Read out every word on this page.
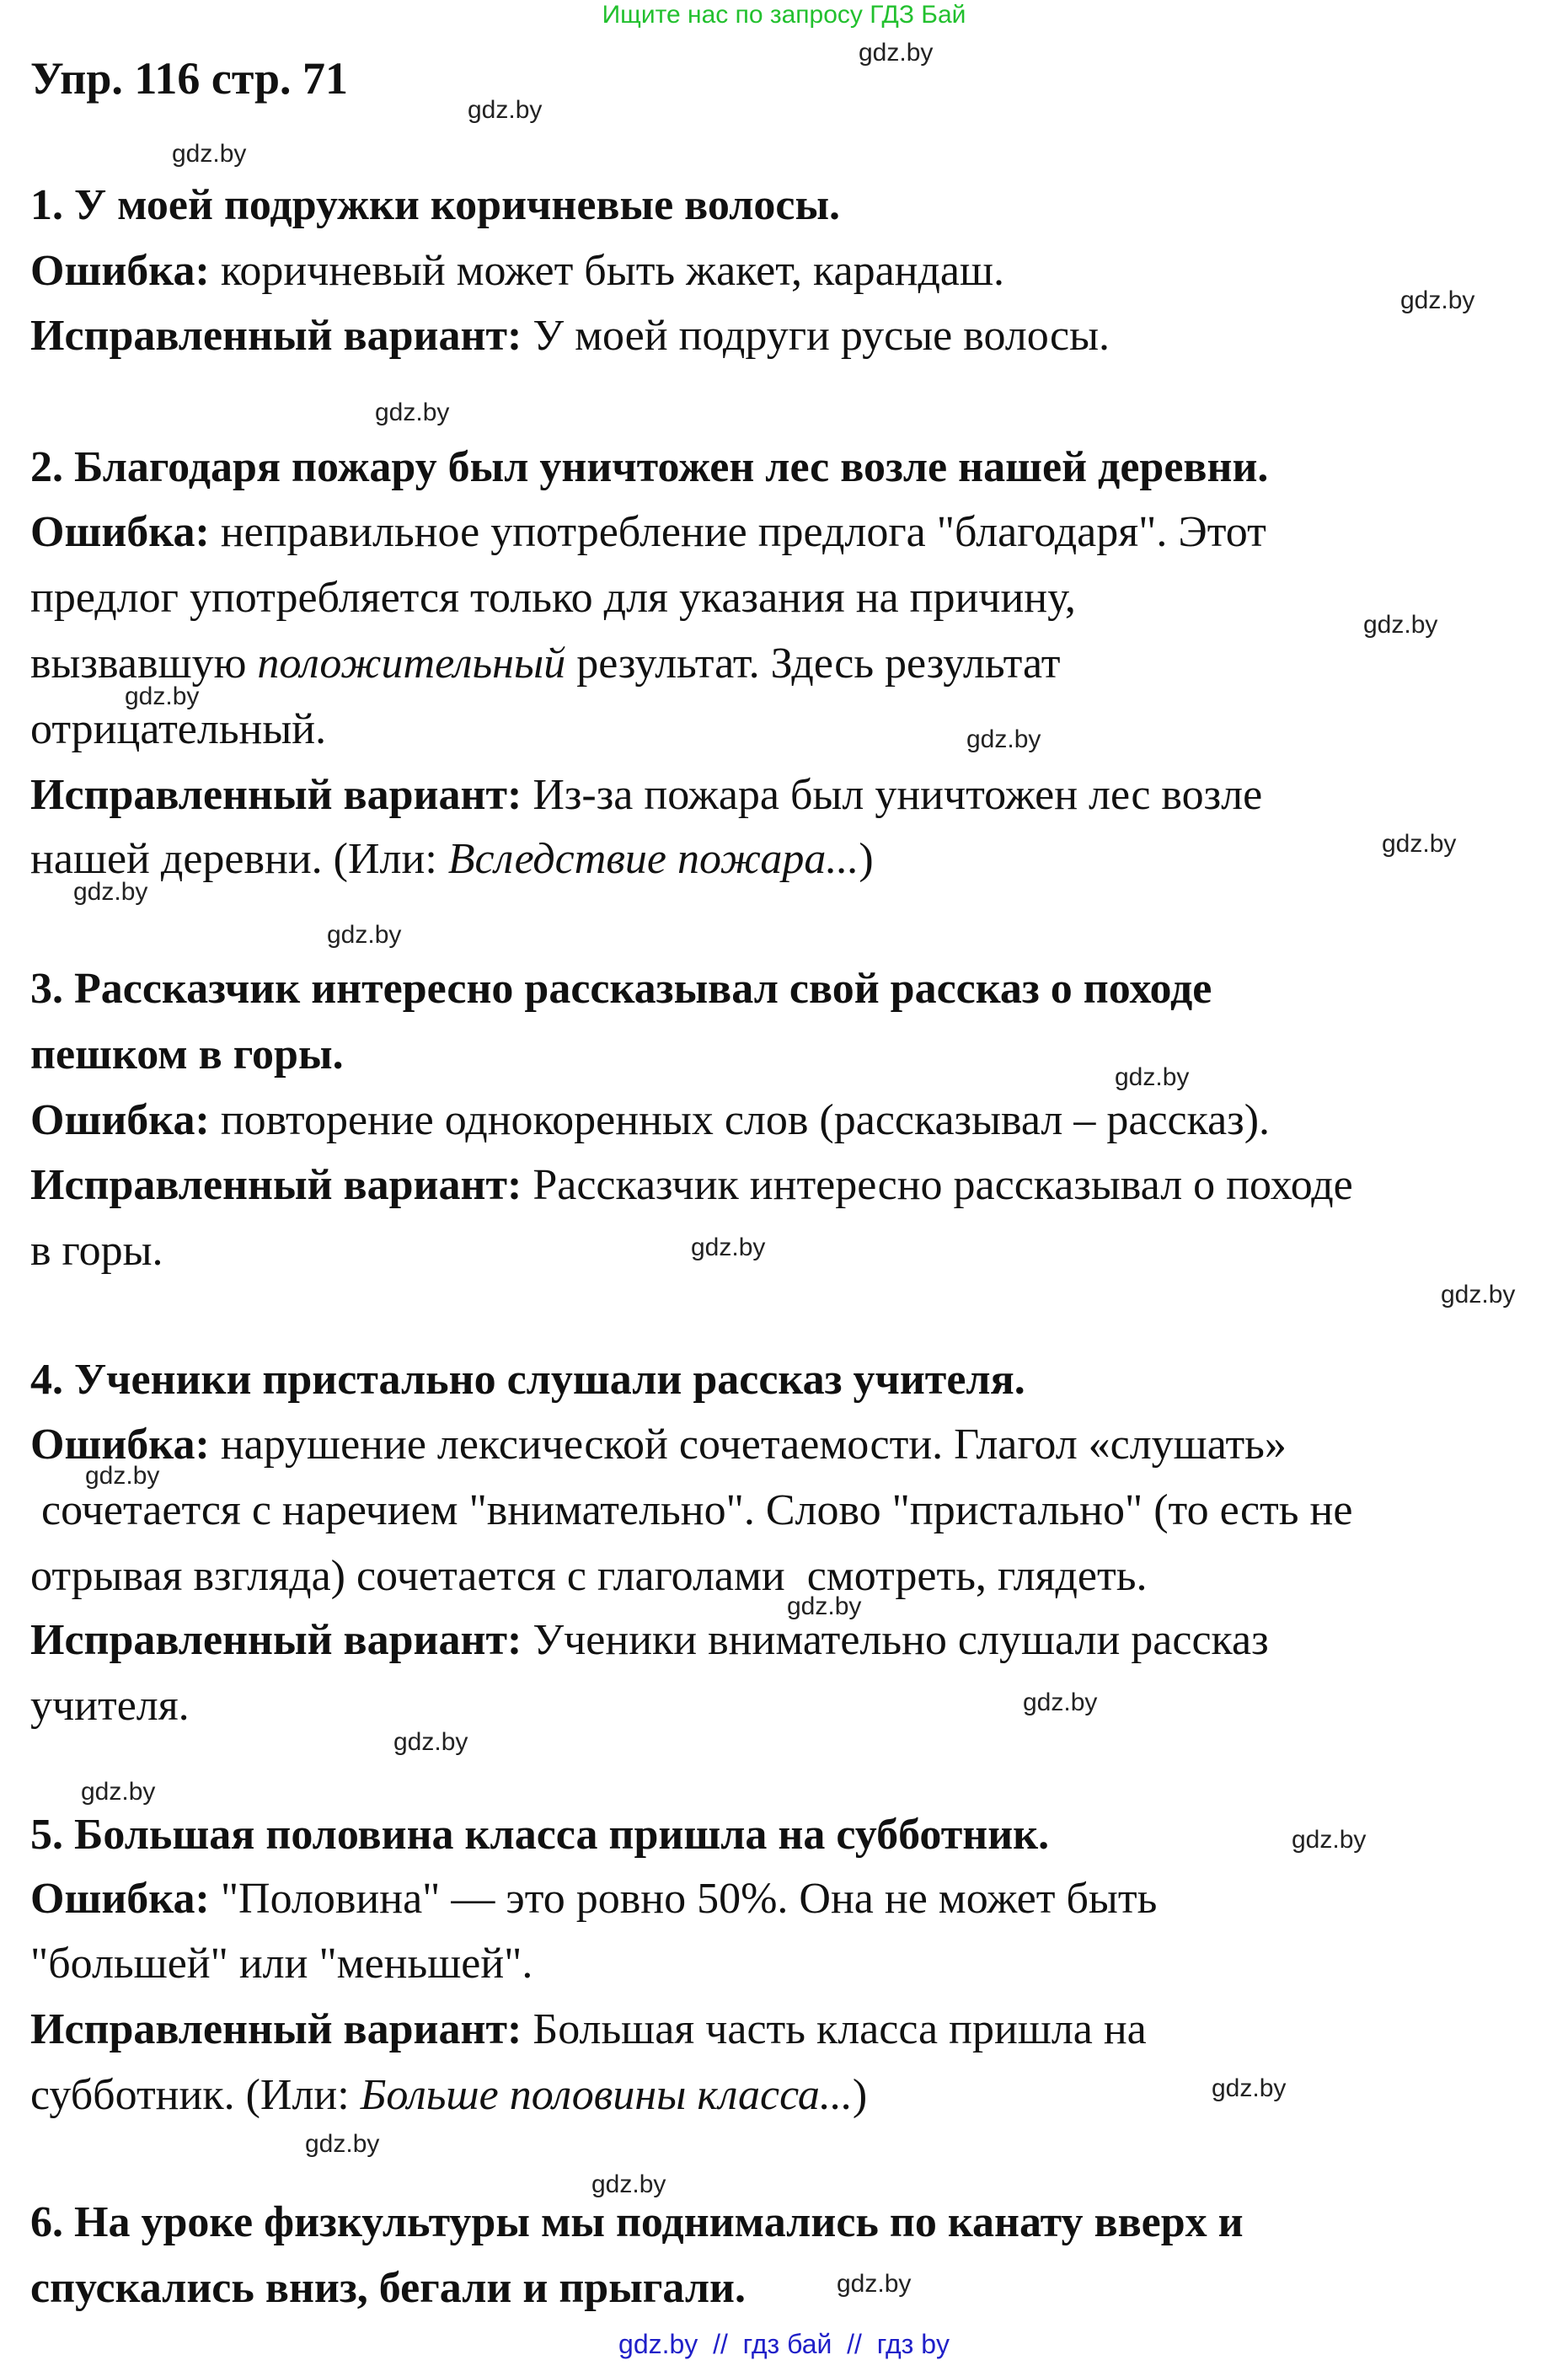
Ищите нас по запросу ГДЗ Бай
Упр. 116 стр. 71
1. У моей подружки коричневые волосы.
Ошибка: коричневый может быть жакет, карандаш.
Исправленный вариант: У моей подруги русые волосы.
2. Благодаря пожару был уничтожен лес возле нашей деревни.
Ошибка: неправильное употребление предлога "благодаря". Этот
предлог употребляется только для указания на причину,
вызвавшую положительный результат. Здесь результат
отрицательный.
Исправленный вариант: Из-за пожара был уничтожен лес возле
нашей деревни. (Или: Вследствие пожара...)
3. Рассказчик интересно рассказывал свой рассказ о походе
пешком в горы.
Ошибка: повторение однокоренных слов (рассказывал – рассказ).
Исправленный вариант: Рассказчик интересно рассказывал о походе
в горы.
4. Ученики пристально слушали рассказ учителя.
Ошибка: нарушение лексической сочетаемости. Глагол «слушать»
сочетается с наречием "внимательно". Слово "пристально" (то есть не
отрывая взгляда) сочетается с глаголами  смотреть, глядеть.
Исправленный вариант: Ученики внимательно слушали рассказ
учителя.
5. Большая половина класса пришла на субботник.
Ошибка: "Половина" — это ровно 50%. Она не может быть
"большей" или "меньшей".
Исправленный вариант: Большая часть класса пришла на
субботник. (Или: Больше половины класса...)
6. На уроке физкультуры мы поднимались по канату вверх и
спускались вниз, бегали и прыгали.
gdz.by
gdz.by
gdz.by
gdz.by
gdz.by
gdz.by
gdz.by
gdz.by
gdz.by
gdz.by
gdz.by
gdz.by
gdz.by
gdz.by
gdz.by
gdz.by
gdz.by
gdz.by
gdz.by
gdz.by
gdz.by
gdz.by
gdz.by
gdz.by
gdz.by  //  гдз бай  //  гдз by
